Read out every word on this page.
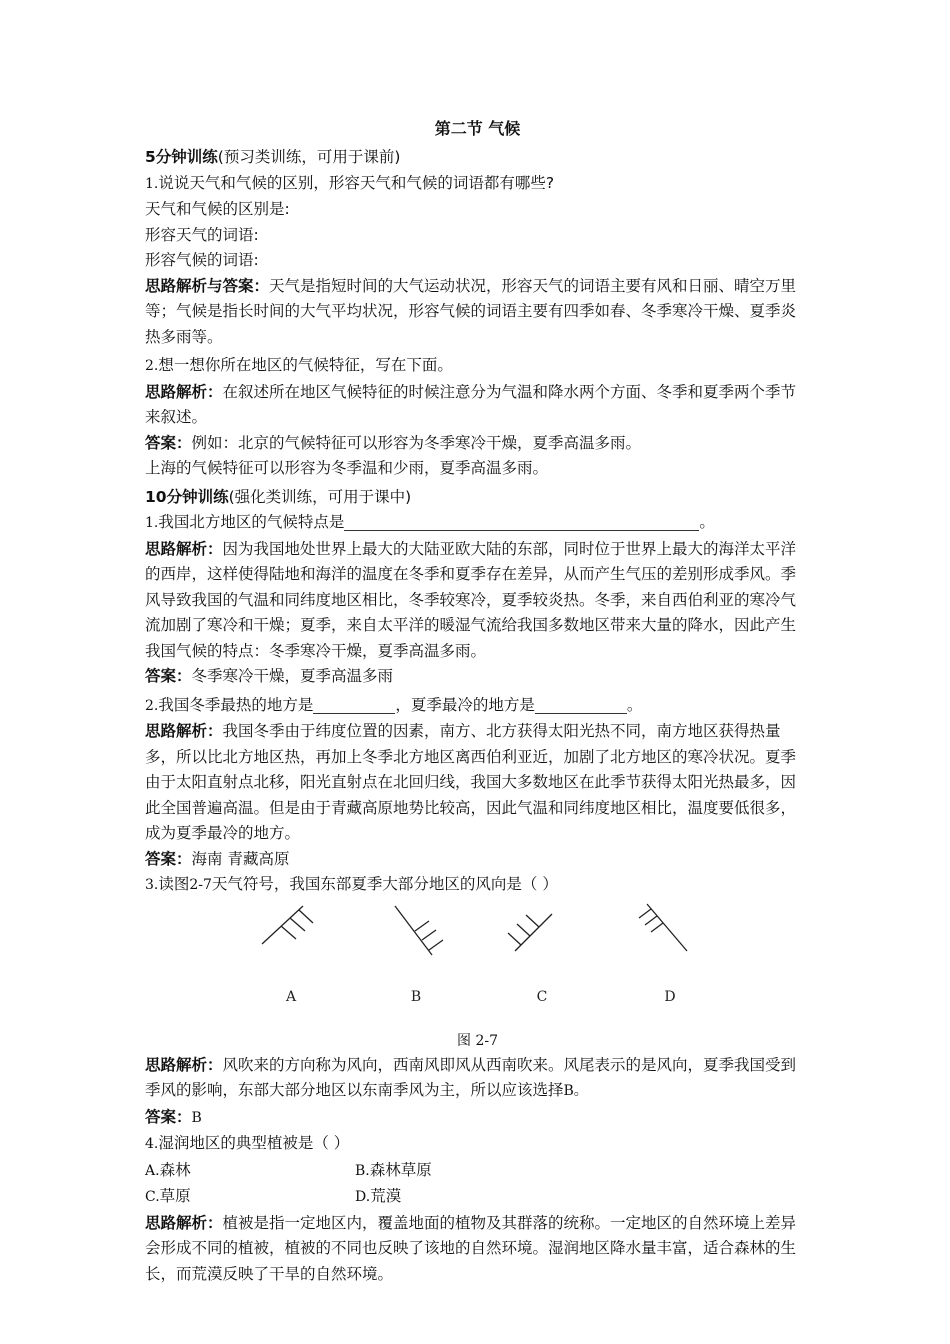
第二节 气候

5分钟训练(预习类训练，可用于课前)

1.说说天气和气候的区别，形容天气和气候的词语都有哪些?

天气和气候的区别是:

形容天气的词语:

形容气候的词语:

思路解析与答案：天气是指短时间的大气运动状况，形容天气的词语主要有风和日丽、晴空万里等；气候是指长时间的大气平均状况，形容气候的词语主要有四季如春、冬季寒冷干燥、夏季炎热多雨等。

2.想一想你所在地区的气候特征，写在下面。

思路解析：在叙述所在地区气候特征的时候注意分为气温和降水两个方面、冬季和夏季两个季节来叙述。

答案：例如：北京的气候特征可以形容为冬季寒冷干燥，夏季高温多雨。

上海的气候特征可以形容为冬季温和少雨，夏季高温多雨。

10分钟训练(强化类训练，可用于课中)

1.我国北方地区的气候特点是	。

思路解析：因为我国地处世界上最大的大陆亚欧大陆的东部，同时位于世界上最大的海洋太平洋的西岸，这样使得陆地和海洋的温度在冬季和夏季存在差异，从而产生气压的差别形成季风。季风导致我国的气温和同纬度地区相比，冬季较寒冷，夏季较炎热。冬季，来自西伯利亚的寒冷气流加剧了寒冷和干燥；夏季，来自太平洋的暖湿气流给我国多数地区带来大量的降水，因此产生我国气候的特点：冬季寒冷干燥，夏季高温多雨。

答案：冬季寒冷干燥，夏季高温多雨

2.我国冬季最热的地方是	，夏季最冷的地方是	。

思路解析：我国冬季由于纬度位置的因素，南方、北方获得太阳光热不同，南方地区获得热量多，所以比北方地区热，再加上冬季北方地区离西伯利亚近，加剧了北方地区的寒冷状况。夏季由于太阳直射点北移，阳光直射点在北回归线，我国大多数地区在此季节获得太阳光热最多，因此全国普遍高温。但是由于青藏高原地势比较高，因此气温和同纬度地区相比，温度要低很多，成为夏季最冷的地方。

答案：海南 青藏高原

3.读图2-7天气符号，我国东部夏季大部分地区的风向是（ ）

A	B	C	D
图 2-7

思路解析：风吹来的方向称为风向，西南风即风从西南吹来。风尾表示的是风向，夏季我国受到季风的影响，东部大部分地区以东南季风为主，所以应该选择B。

答案：B

4.湿润地区的典型植被是（ ）

A.森林	B.森林草原

C.草原	D.荒漠

思路解析：植被是指一定地区内，覆盖地面的植物及其群落的统称。一定地区的自然环境上差异会形成不同的植被，植被的不同也反映了该地的自然环境。湿润地区降水量丰富，适合森林的生长，而荒漠反映了干旱的自然环境。
